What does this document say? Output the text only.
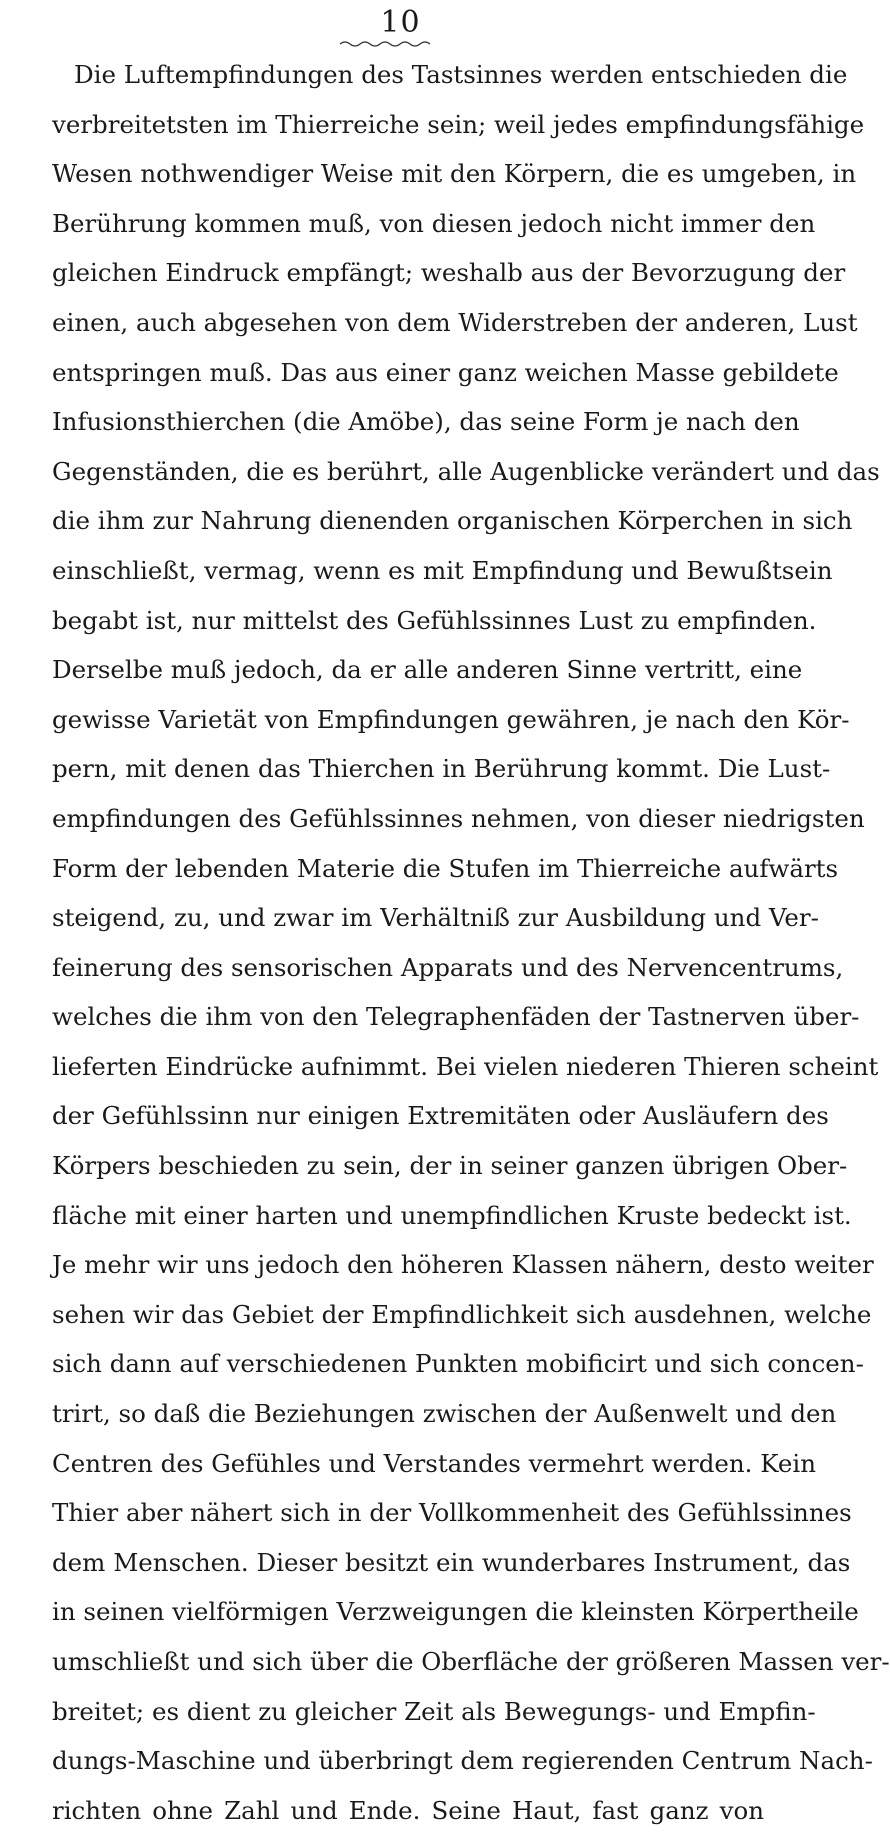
10
Die Luftempfindungen des Tastsinnes werden entschieden die
verbreitetsten im Thierreiche sein; weil jedes empfindungsfähige
Wesen nothwendiger Weise mit den Körpern, die es umgeben, in
Berührung kommen muß, von diesen jedoch nicht immer den
gleichen Eindruck empfängt; weshalb aus der Bevorzugung der
einen, auch abgesehen von dem Widerstreben der anderen, Lust
entspringen muß. Das aus einer ganz weichen Masse gebildete
Infusionsthierchen (die Amöbe), das seine Form je nach den
Gegenständen, die es berührt, alle Augenblicke verändert und das
die ihm zur Nahrung dienenden organischen Körperchen in sich
einschließt, vermag, wenn es mit Empfindung und Bewußtsein
begabt ist, nur mittelst des Gefühlssinnes Lust zu empfinden.
Derselbe muß jedoch, da er alle anderen Sinne vertritt, eine
gewisse Varietät von Empfindungen gewähren, je nach den Kör-
pern, mit denen das Thierchen in Berührung kommt. Die Lust-
empfindungen des Gefühlssinnes nehmen, von dieser niedrigsten
Form der lebenden Materie die Stufen im Thierreiche aufwärts
steigend, zu, und zwar im Verhältniß zur Ausbildung und Ver-
feinerung des sensorischen Apparats und des Nervencentrums,
welches die ihm von den Telegraphenfäden der Tastnerven über-
lieferten Eindrücke aufnimmt. Bei vielen niederen Thieren scheint
der Gefühlssinn nur einigen Extremitäten oder Ausläufern des
Körpers beschieden zu sein, der in seiner ganzen übrigen Ober-
fläche mit einer harten und unempfindlichen Kruste bedeckt ist.
Je mehr wir uns jedoch den höheren Klassen nähern, desto weiter
sehen wir das Gebiet der Empfindlichkeit sich ausdehnen, welche
sich dann auf verschiedenen Punkten mobificirt und sich concen-
trirt, so daß die Beziehungen zwischen der Außenwelt und den
Centren des Gefühles und Verstandes vermehrt werden. Kein
Thier aber nähert sich in der Vollkommenheit des Gefühlssinnes
dem Menschen. Dieser besitzt ein wunderbares Instrument, das
in seinen vielförmigen Verzweigungen die kleinsten Körpertheile
umschließt und sich über die Oberfläche der größeren Massen ver-
breitet; es dient zu gleicher Zeit als Bewegungs- und Empfin-
dungs-Maschine und überbringt dem regierenden Centrum Nach-
richten ohne Zahl und Ende. Seine Haut, fast ganz von
